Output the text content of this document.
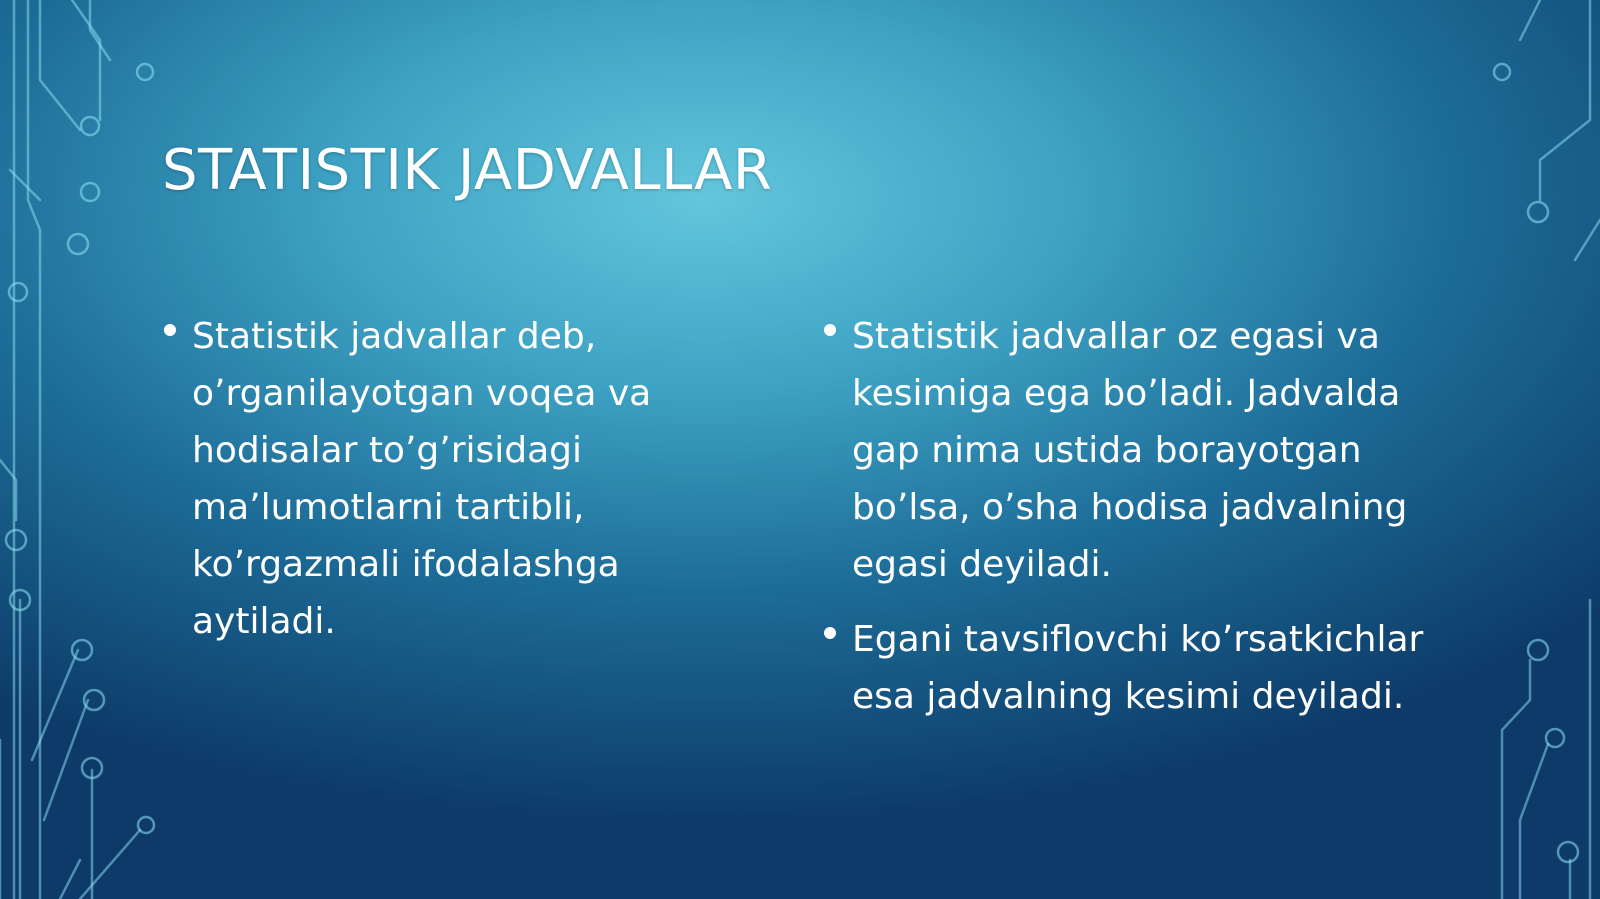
STATISTIK JADVALLAR
Statistik jadvallar deb, o’rganilayotgan voqea va hodisalar to’g’risidagi ma’lumotlarni tartibli, ko’rgazmali ifodalashga aytiladi.
Statistik jadvallar oz egasi va kesimiga ega bo’ladi. Jadvalda gap nima ustida borayotgan bo’lsa, o’sha hodisa jadvalning egasi deyiladi.
Egani tavsiflovchi ko’rsatkichlar esa jadvalning kesimi deyiladi.
